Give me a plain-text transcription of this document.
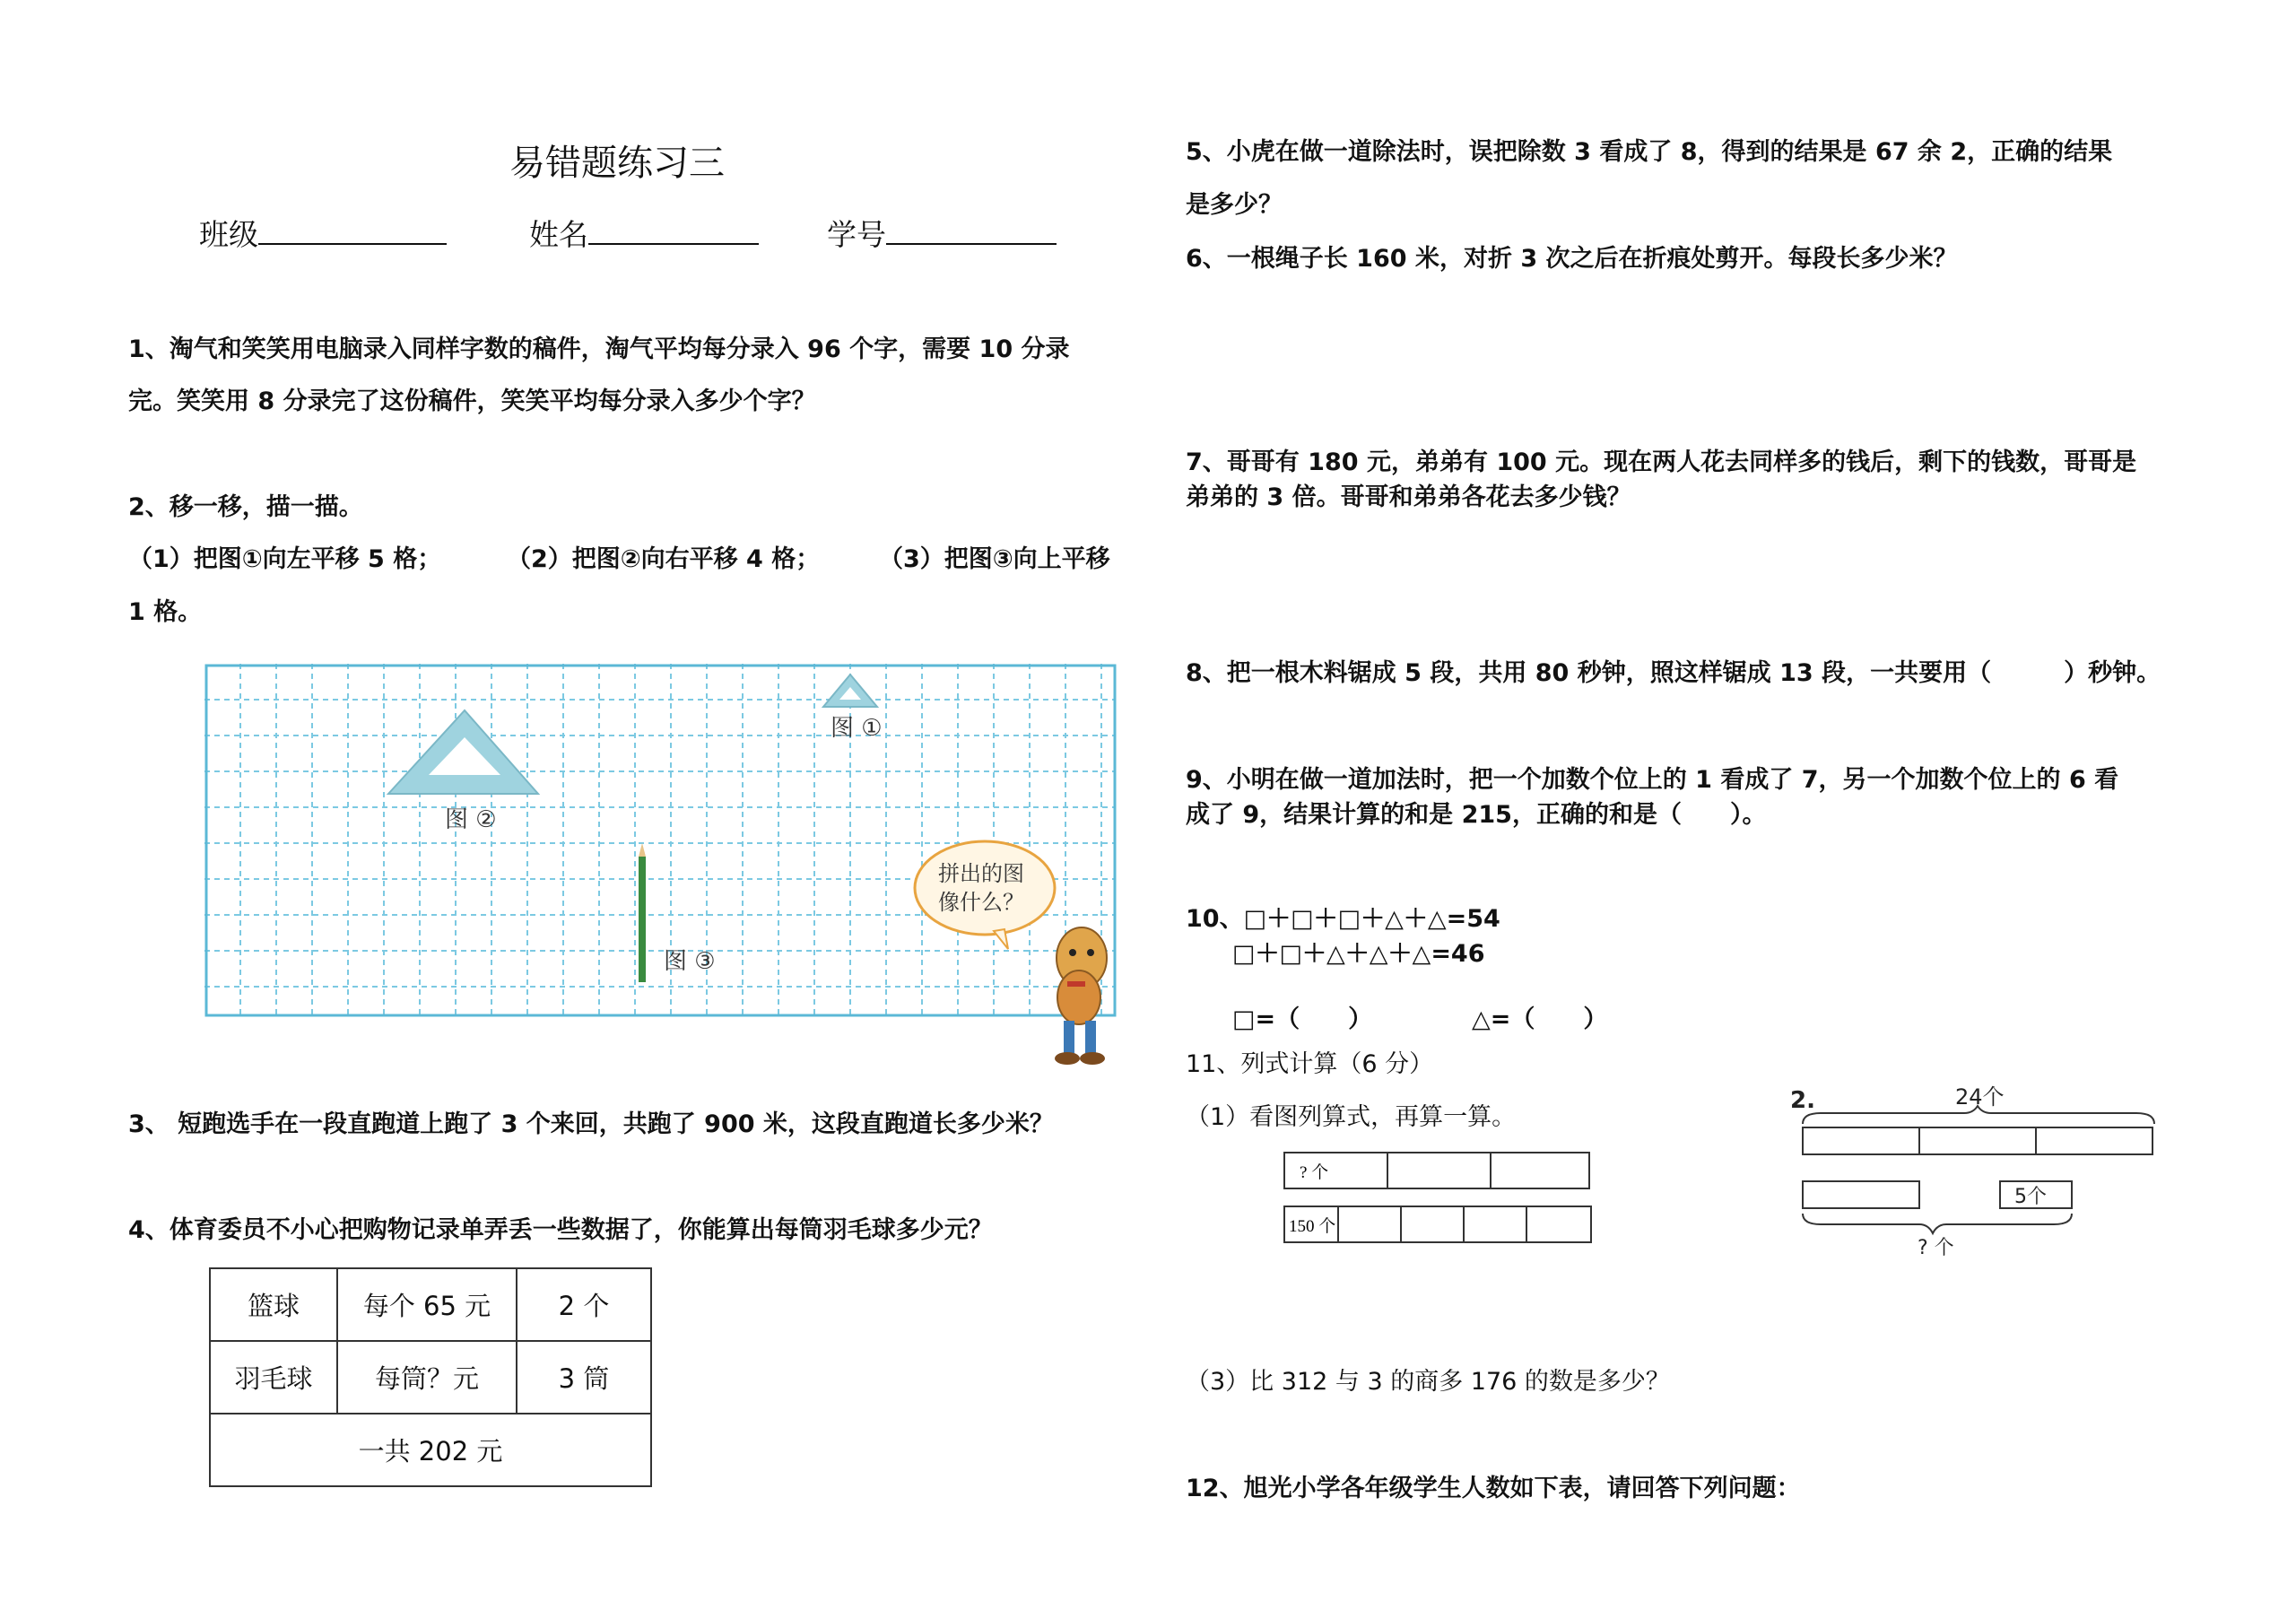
易错题练习三
班级	姓名	学号
1、淘气和笑笑用电脑录入同样字数的稿件，淘气平均每分录入 96 个字，需要 10 分录
完。笑笑用 8 分录完了这份稿件，笑笑平均每分录入多少个字？
2、移一移，描一描。
（1）把图①向左平移 5 格；	（2）把图②向右平移 4 格； （3）把图③向上平移
1 格。
图 ①
图 ②
图 ③
拼出的图
像什么？
3、 短跑选手在一段直跑道上跑了 3 个来回，共跑了 900 米，这段直跑道长多少米？
4、体育委员不小心把购物记录单弄丢一些数据了，你能算出每筒羽毛球多少元？
篮球	每个 65 元	2 个
羽毛球	每筒？元	3 筒
一共 202 元		
5、小虎在做一道除法时，误把除数 3 看成了 8，得到的结果是 67 余 2，正确的结果
是多少？
6、一根绳子长 160 米，对折 3 次之后在折痕处剪开。每段长多少米？
7、哥哥有 180 元，弟弟有 100 元。现在两人花去同样多的钱后，剩下的钱数，哥哥是
弟弟的 3 倍。哥哥和弟弟各花去多少钱？
8、把一根木料锯成 5 段，共用 80 秒钟，照这样锯成 13 段，一共要用（　　　）秒钟。
9、小明在做一道加法时，把一个加数个位上的 1 看成了 7，另一个加数个位上的 6 看
成了 9，结果计算的和是 215，正确的和是（　　）。
10、□＋□＋□＋△＋△=54
□＋□＋△＋△＋△=46
□=（　　）	△=（　　）
11、列式计算（6 分）
（1）看图列算式，再算一算。
? 个
150 个
2.	24个
5个
? 个
（3）比 312 与 3 的商多 176 的数是多少？
12、旭光小学各年级学生人数如下表，请回答下列问题：
